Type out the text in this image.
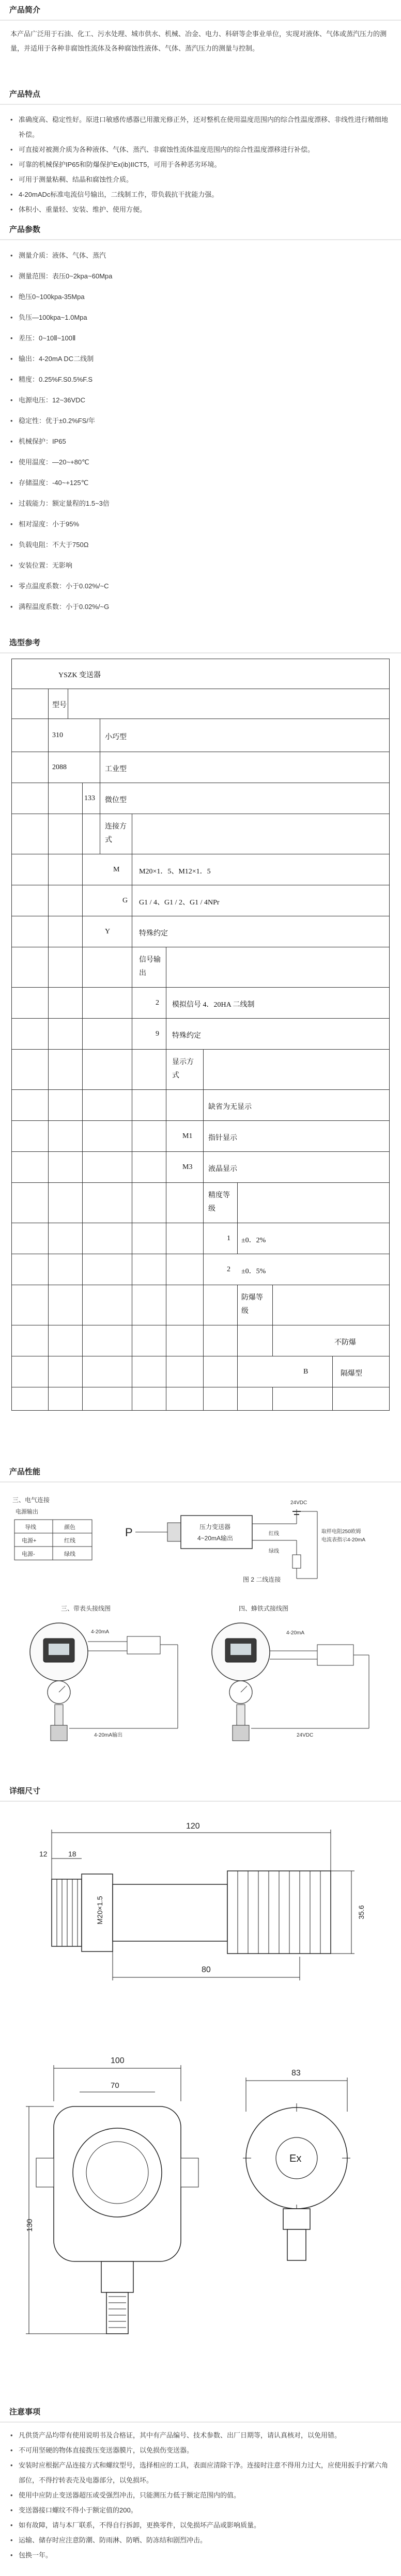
产品简介

本产品广泛用于石油、化工、污水处理、城市供水、机械、冶金、电力、科研等企事业单位，实现对液体、气体或蒸汽压力的测量，并适用于各种非腐蚀性流体及各种腐蚀性液体、气体、蒸汽压力的测量与控制。

产品特点
• 准确度高、稳定性好。原进口敏感传感器已用激光修正外，还对整机在使用温度范围内的综合性温度漂移、非线性进行精细地补偿。
• 可直接对被测介质为各种液体、气体、蒸汽、非腐蚀性流体温度范围内的综合性温度漂移进行补偿。
• 可靠的机械保护IP65和防爆保护Ex(ib)IICT5，可用于各种恶劣环境。
• 可用于测量粘稠、结晶和腐蚀性介质。
• 4-20mADc标准电流信号输出，二线制工作，带负载抗干扰能力强。
• 体积小、重量轻、安装、维护、使用方便。
产品参数
• 测量介质：液体、气体、蒸汽
• 测量范围：表压0~2kpa~60Mpa
• 绝压0~100kpa-35Mpa
• 负压—100kpa~1.0Mpa
• 差压：0~10Ⅱ~100Ⅱ
• 输出：4-20mA DC二线制
• 精度：0.25%F.S0.5%F.S
• 电源电压：12~36VDC
• 稳定性：优于±0.2%FS/年
• 机械保护：IP65
• 使用温度：—20~+80℃
• 存储温度：-40~+125℃
• 过载能力：额定量程的1.5~3倍
• 相对湿度：小于95%
• 负载电阻：不大于750Ω
• 安装位置：无影响
• 零点温度系数：小于0.02%/~C
• 满程温度系数：小于0.02%/~G
选型参考
YSZK 变送器
型号
310	小巧型
2088	工业型
133 微位型
连接方式
M	M20×1．5、M12×1．5
G G1 / 4、G1 / 2、G1 / 4NPr
Y	特殊约定
信号输出
2 模拟信号 4．20HA 二线制
9 特殊约定
显示方式
缺省为无显示
M1 指针显示
M3 液晶显示
精度等级
1 ±0．2%
2 ±0．5%
防爆等级
不防爆
B	隔爆型
产品性能
三、电气连接
电源输出
导线	颜色
电源+	红线
电源-	绿线
P	压力变送器
4~20mA输出
24VDC
红线
绿线
取样电阻250欧姆
电流表指示4-20mA
图 2 二线连接
三、带表头接线图	四、蜂铁式接线图
4-20mA
4-20mA输出
4-20mA
24VDC
详细尺寸
120
12	18
M20×1.5
80
35.6
100
70
130
83
Ex
注意事项
• 凡供货产品均带有使用说明书及合格证，其中有产品编号、技术参数、出厂日期等，请认真核对，以免用错。
• 不可用坚硬的物体直接拨压变送器膜片，以免损伤变送器。
• 安装时应根据产品连接方式和螺纹型号，选择相应的工具，表面应清除干净。连接时注意不得用力过大，应使用扳手拧紧六角部位，不得拧转表壳及电器部分，以免损坏。
• 使用中应防止变送器超压或受强烈冲击，只能测压力低于额定范围内的值。
• 变送器接口螺纹不得小于额定值的200。
• 如有故障，请与本厂联系，不得自行拆卸，更换零件，以免损坏产品或影响质量。
• 运输、储存时应注意防潮、防雨淋、防晒、防冻结和剧烈冲击。
• 包换一年。
